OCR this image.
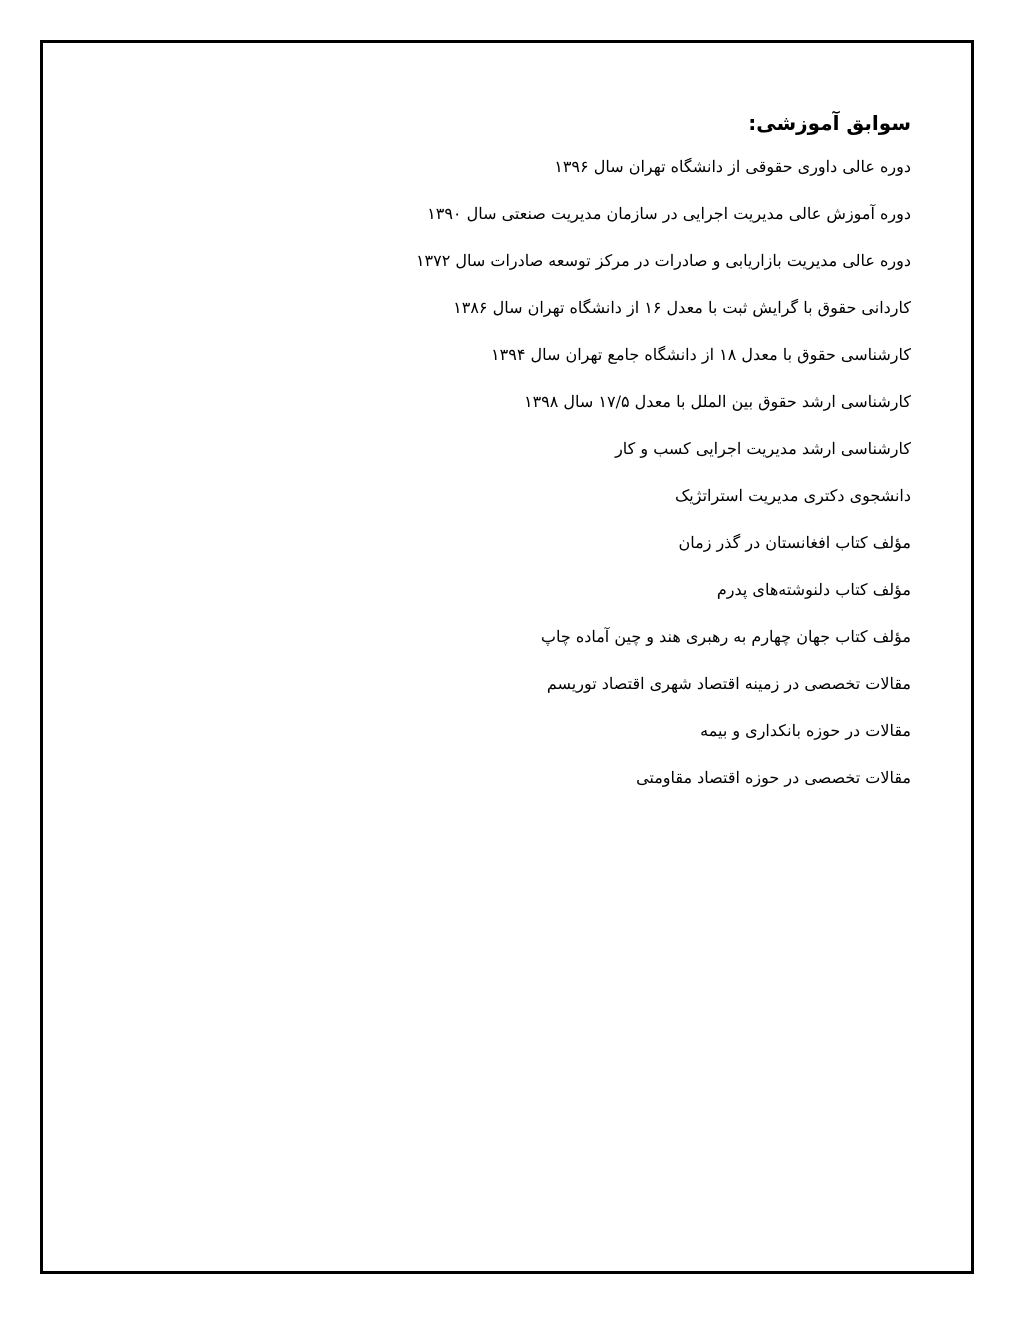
سوابق آموزشی:
دوره عالی داوری حقوقی از دانشگاه تهران سال ۱۳۹۶
دوره آموزش عالی مدیریت اجرایی در سازمان مدیریت صنعتی سال ۱۳۹۰
دوره عالی مدیریت بازاریابی و صادرات در مرکز توسعه صادرات سال ۱۳۷۲
کاردانی حقوق با گرایش ثبت با معدل ۱۶ از دانشگاه تهران سال ۱۳۸۶
کارشناسی حقوق با معدل ۱۸ از دانشگاه جامع تهران سال ۱۳۹۴
کارشناسی ارشد حقوق بین الملل با معدل ۱۷/۵ سال ۱۳۹۸
کارشناسی ارشد مدیریت اجرایی کسب و کار
دانشجوی دکتری مدیریت استراتژیک
مؤلف کتاب افغانستان در گذر زمان
مؤلف کتاب دلنوشته‌های پدرم
مؤلف کتاب جهان چهارم به رهبری هند و چین آماده چاپ
مقالات تخصصی در زمینه اقتصاد شهری اقتصاد توریسم
مقالات در حوزه بانکداری و بیمه
مقالات تخصصی در حوزه اقتصاد مقاومتی
